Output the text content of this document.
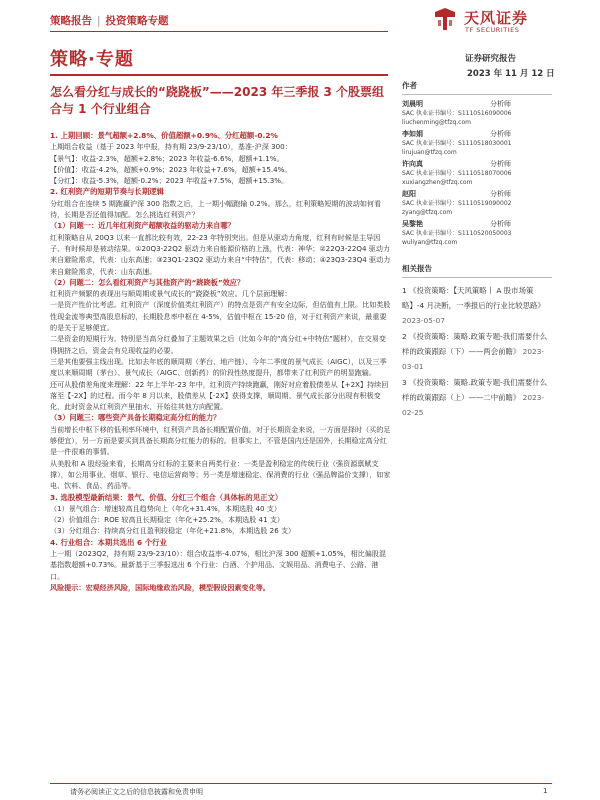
策略报告 | 投资策略专题	天风证券
TF SECURITIES
策略·专题	证券研究报告
2023 年 11 月 12 日
怎么看分红与成长的“跷跷板”——2023 年三季报 3 个股票组合与 1 个行业组合

1. 上期回顾：景气超额+2.8%、价值超额+0.9%、分红超额-0.2%

上期组合收益（基于 2023 年中报，持有期 23/9-23/10），基准-沪深 300：

【景气】：收益-2.3%，超额+2.8%；2023 年收益-6.6%，超额+1.1%。

【价值】：收益-4.2%，超额+0.9%；2023 年收益+7.6%，超额+15.4%。

【分红】：收益-5.3%，超额-0.2%；2023 年收益+7.5%，超额+15.3%。

2. 红利资产的短期节奏与长期逻辑

分红组合在连续 5 期跑赢沪深 300 指数之后，上一期小幅跑输 0.2%。那么，红利策略短期的波动如何看待，长期是否还值得加配。怎么挑选红利资产？

（1）问题一：近几年红利资产超额收益的驱动力来自哪？

红利策略自从 20Q3 以来一直都比较有效，22-23 年特别突出。但是从驱动力角度，红利有时候是主导因子、有时候却是被动结果。①20Q3-22Q2 驱动力来自能源价格的上涨，代表：神华；②22Q3-22Q4 驱动力来自避险需求，代表：山东高速；③23Q1-23Q2 驱动力来自“中特估”，代表：移动；④23Q3-23Q4 驱动力来自避险需求，代表：山东高速。

（2）问题二：怎么看红利资产与其他资产的“跷跷板”效应？

红利资产频繁的表现出与顺周期或景气成长的“跷跷板”效应。几个层面理解：

一是资产性价比考虑。红利资产（深度价值类红利资产）的特点是资产有安全边际，但估值有上限。比如类股性现金流等典型高股息标的，长期股息率中枢在 4-5%，估值中枢在 15-20 倍，对于红利资产来说，最重要的是关于足够便宜。

二是资金的短期行为。特别是当高分红叠加了主题效果之后（比如今年的“高分红+中特估”题材），在交易变得拥挤之后，资金会有兑现收益的必要。

三是其他要强主线出现。比如去年底的顺周期（茅台、地产链）、今年二季度的景气成长（AIGC），以及三季度以来顺周期（茅台）、景气成长（AIGC、创新药）的阶段性热度提升，都带来了红利资产的明显跑输。

还可从股债差角度来理解：22 年上半年-23 年中，红利资产持续跑赢，刚好对应着股债差从【+2X】持续回落至【-2X】的过程。而今年 8 月以来，股债差从【-2X】获得支撑，顺周期、景气成长部分出现有积极变化，此时资金从红利资产里抽水，开始往其他方向配置。

（3）问题三：哪些资产具备长期稳定高分红的能力？

当前增长中枢下移的低利率环境中，红利资产具备长期配置价值。对于长期资金来说，一方面是择时（买的足够便宜），另一方面是要买到具备长期高分红能力的标的。但事实上，不管是国内还是国外，长期稳定高分红是一件很难的事情。

从美股和 A 股经验来看，长期高分红标的主要来自两类行业：一类是盈利稳定的传统行业（强资源禀赋支撑），如公用事业、烟草、银行、电信运营商等；另一类是增速稳定、保消费的行业（强品牌溢价支撑），如家电、饮料、食品、药品等。

3. 选股模型最新结果：景气、价值、分红三个组合（具体标的见正文）

（1）景气组合：增速较高且趋势向上（年化+31.4%，本期选股 40 支）

（2）价值组合：ROE 较高且长期稳定（年化+25.2%，本期选股 41 支）

（3）分红组合：持续高分红且盈利较稳定（年化+21.8%，本期选股 26 支）

4. 行业组合：本期共选出 6 个行业

上一期（2023Q2，持有期 23/9-23/10）：组合收益率-4.07%，相比沪深 300 超额+1.05%，相比偏股混基指数超额+0.73%。最新基于三季报选出 6 个行业：白酒、个护用品、文娱用品、消费电子、公路、港口。

风险提示：宏观经济风险，国际地缘政治风险，模型假设因素变化等。

作者
刘晨明	分析师
SAC 执业证书编号：S1110516090006
liuchenming@tfzq.com
李如娟	分析师
SAC 执业证书编号：S1110518030001
lirujuan@tfzq.com
许向真	分析师
SAC 执业证书编号：S1110518070006
xuxiangzhen@tfzq.com
赵阳	分析师
SAC 执业证书编号：S1110519090002
zyang@tfzq.com
吴黎艳	分析师
SAC 执业证书编号：S1110520050003
wuliyan@tfzq.com
相关报告
1 《投资策略：【天风策略丨 A 股市场策略】-4 月决断，一季报后的行业比较思路》 2023-05-07
2 《投资策略：策略.政策专题-我们需要什么样的政策跟踪（下）——两会前瞻》 2023-03-01
3 《投资策略：策略.政策专题-我们需要什么样的政策跟踪（上）——二中前瞻》 2023-02-25
请务必阅读正文之后的信息披露和免责申明	1
